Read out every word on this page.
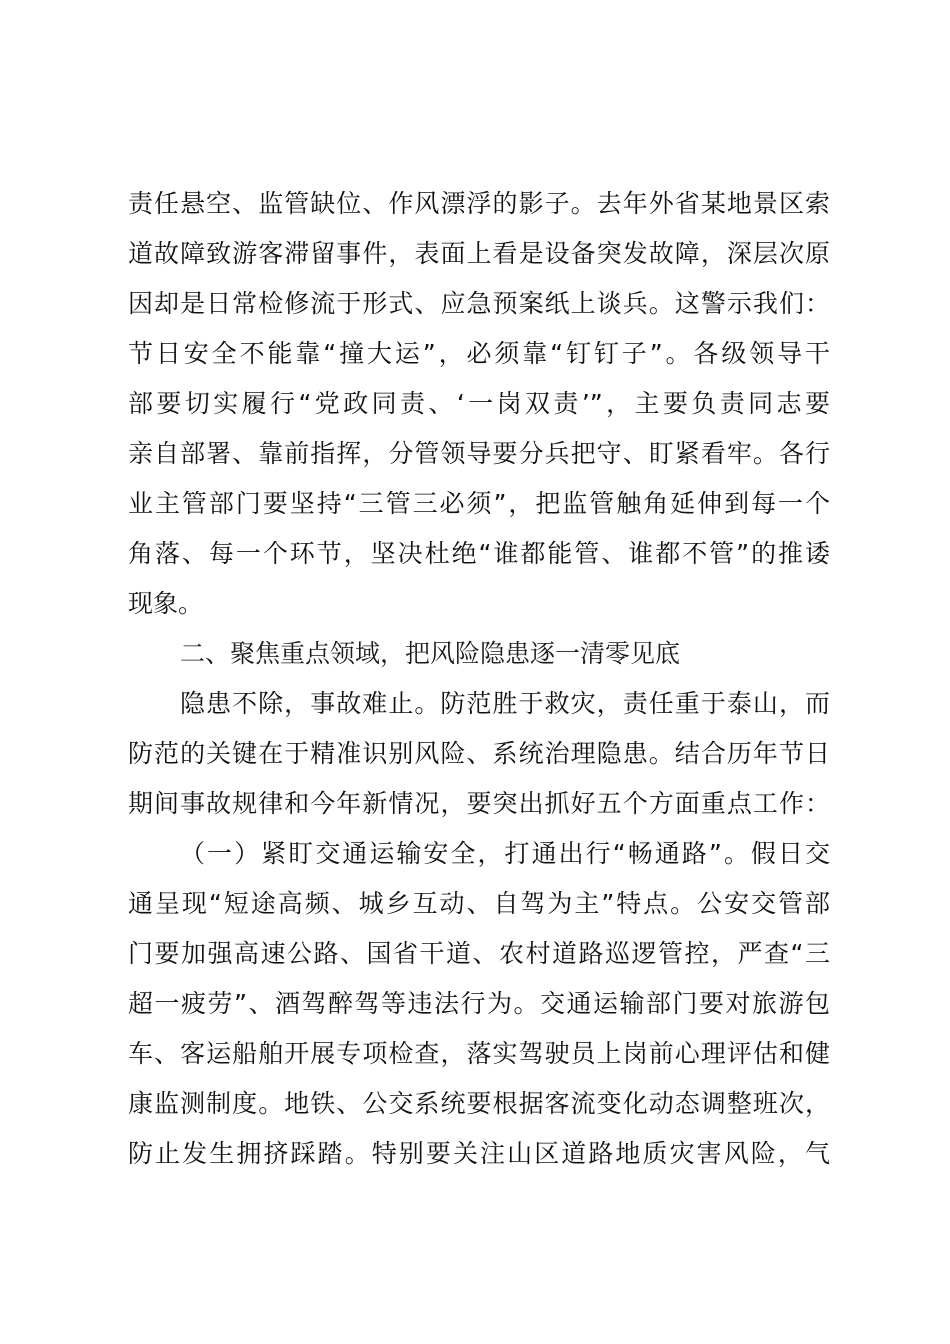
责任悬空、监管缺位、作风漂浮的影子。去年外省某地景区索
道故障致游客滞留事件，表面上看是设备突发故障，深层次原
因却是日常检修流于形式、应急预案纸上谈兵。这警示我们：
节日安全不能靠“撞大运”，必须靠“钉钉子”。各级领导干
部要切实履行“党政同责、‘一岗双责’”，主要负责同志要
亲自部署、靠前指挥，分管领导要分兵把守、盯紧看牢。各行
业主管部门要坚持“三管三必须”，把监管触角延伸到每一个
角落、每一个环节，坚决杜绝“谁都能管、谁都不管”的推诿
现象。
二、聚焦重点领域，把风险隐患逐一清零见底
隐患不除，事故难止。防范胜于救灾，责任重于泰山，而
防范的关键在于精准识别风险、系统治理隐患。结合历年节日
期间事故规律和今年新情况，要突出抓好五个方面重点工作：
（一）紧盯交通运输安全，打通出行“畅通路”。假日交
通呈现“短途高频、城乡互动、自驾为主”特点。公安交管部
门要加强高速公路、国省干道、农村道路巡逻管控，严查“三
超一疲劳”、酒驾醉驾等违法行为。交通运输部门要对旅游包
车、客运船舶开展专项检查，落实驾驶员上岗前心理评估和健
康监测制度。地铁、公交系统要根据客流变化动态调整班次，
防止发生拥挤踩踏。特别要关注山区道路地质灾害风险，气
